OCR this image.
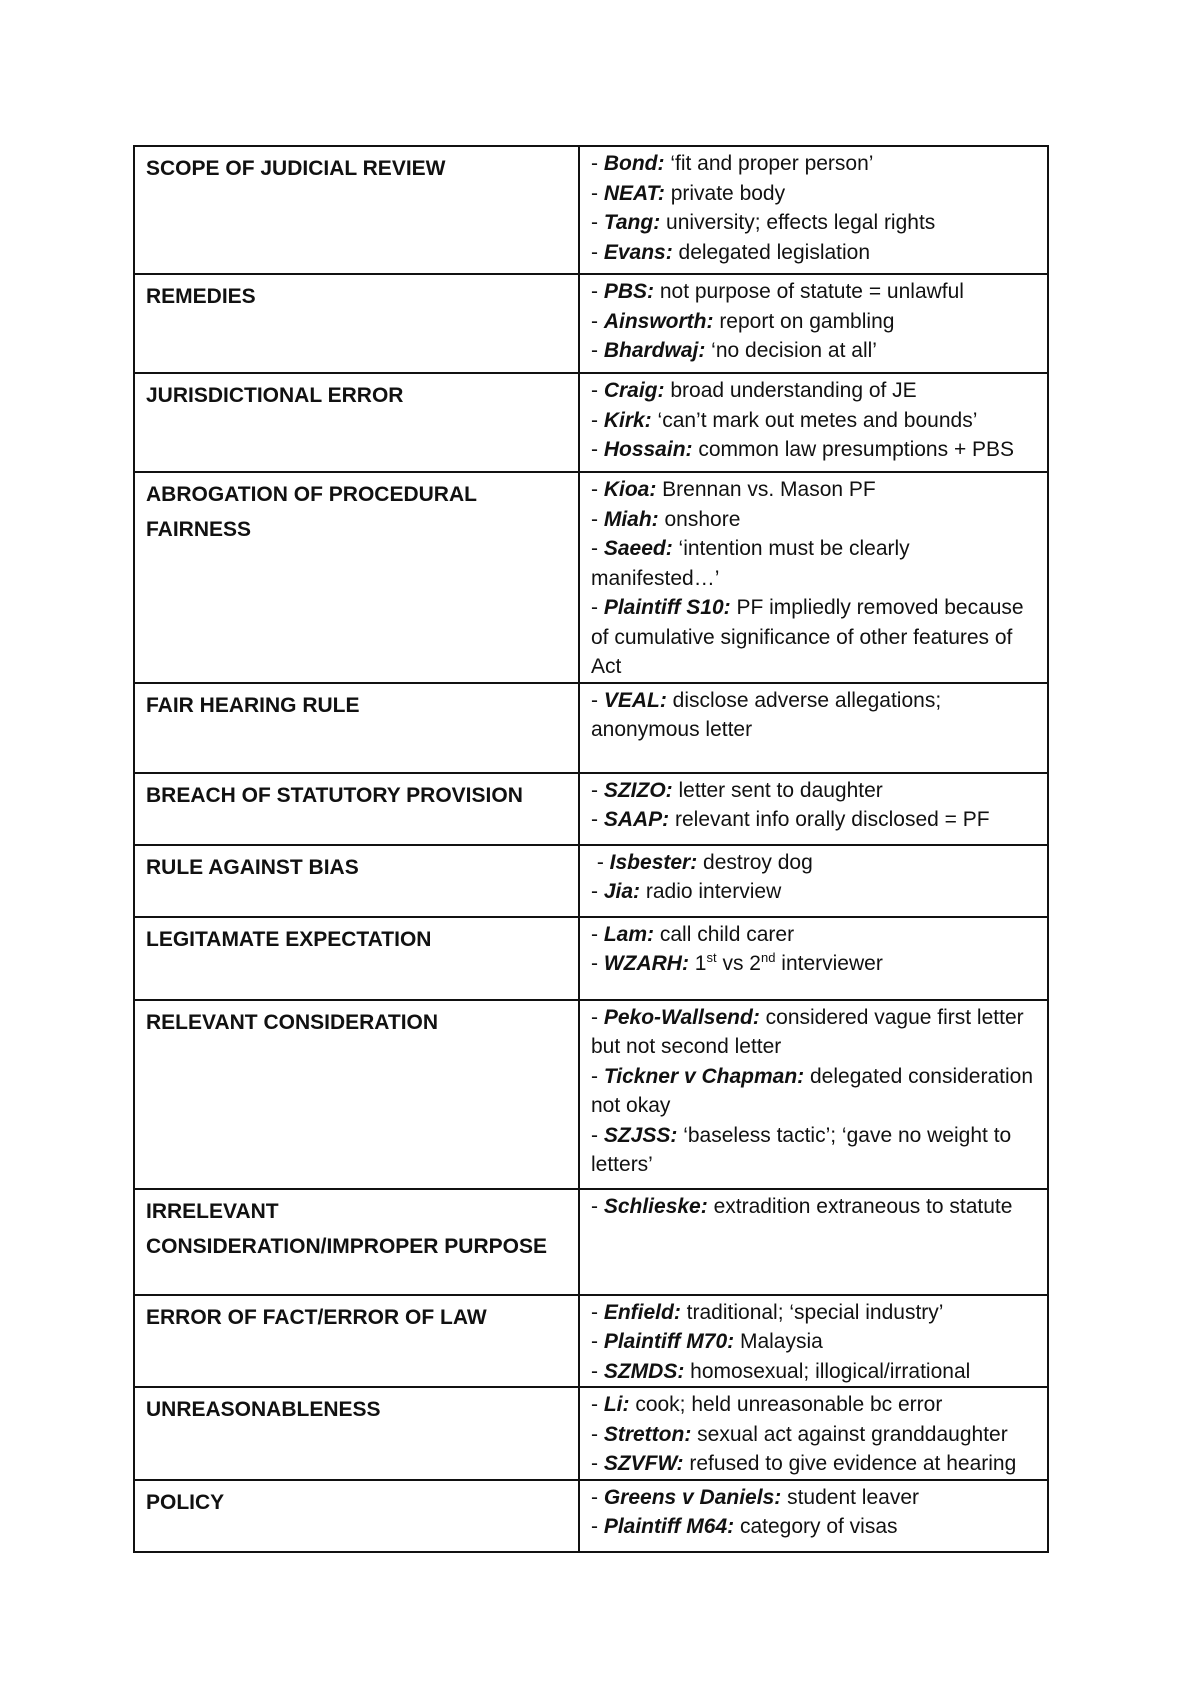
SCOPE OF JUDICIAL REVIEW	- Bond: ‘fit and proper person’
- NEAT: private body
- Tang: university; effects legal rights
- Evans: delegated legislation

REMEDIES	- PBS: not purpose of statute = unlawful
- Ainsworth: report on gambling
- Bhardwaj: ‘no decision at all’

JURISDICTIONAL ERROR	- Craig: broad understanding of JE
- Kirk: ‘can’t mark out metes and bounds’
- Hossain: common law presumptions + PBS

ABROGATION OF PROCEDURAL FAIRNESS	- Kioa: Brennan vs. Mason PF
- Miah: onshore
- Saeed: ‘intention must be clearly manifested…’
- Plaintiff S10: PF impliedly removed because of cumulative significance of other features of Act

FAIR HEARING RULE	- VEAL: disclose adverse allegations; anonymous letter

BREACH OF STATUTORY PROVISION	- SZIZO: letter sent to daughter
- SAAP: relevant info orally disclosed = PF

RULE AGAINST BIAS	- Isbester: destroy dog
- Jia: radio interview

LEGITAMATE EXPECTATION	- Lam: call child carer
- WZARH: 1st vs 2nd interviewer

RELEVANT CONSIDERATION	- Peko-Wallsend: considered vague first letter but not second letter
- Tickner v Chapman: delegated consideration not okay
- SZJSS: ‘baseless tactic’; ‘gave no weight to letters’

IRRELEVANT CONSIDERATION/IMPROPER PURPOSE	- Schlieske: extradition extraneous to statute

ERROR OF FACT/ERROR OF LAW	- Enfield: traditional; ‘special industry’
- Plaintiff M70: Malaysia
- SZMDS: homosexual; illogical/irrational

UNREASONABLENESS	- Li: cook; held unreasonable bc error
- Stretton: sexual act against granddaughter
- SZVFW: refused to give evidence at hearing

POLICY	- Greens v Daniels: student leaver
- Plaintiff M64: category of visas
